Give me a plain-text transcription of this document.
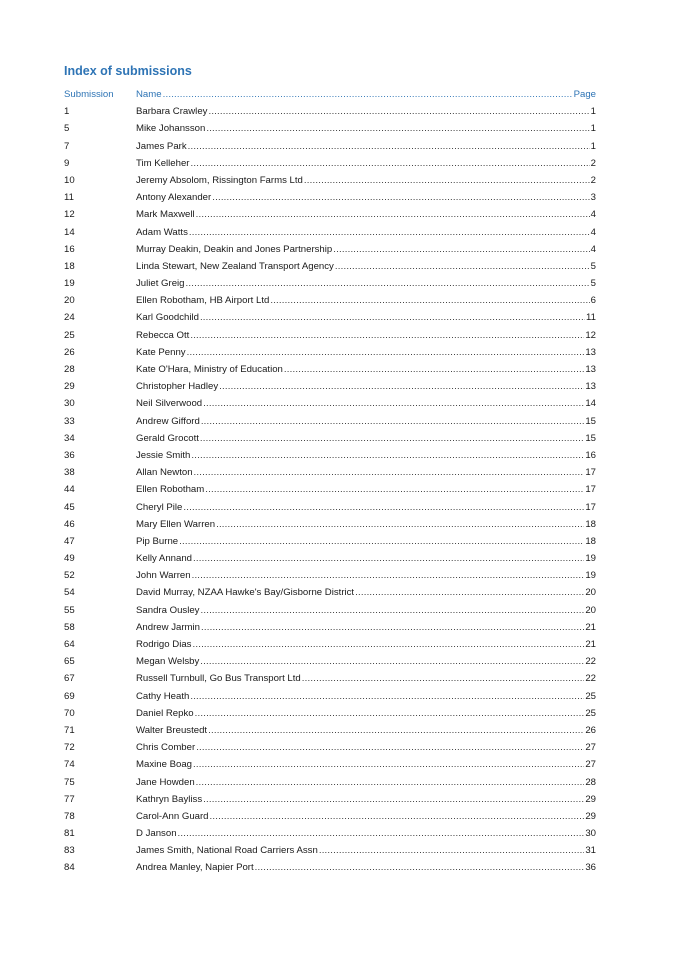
Index of submissions
Submission	Name .....	Page
1	Barbara Crawley .....	1
5	Mike Johansson .....	1
7	James Park .....	1
9	Tim Kelleher .....	2
10	Jeremy Absolom, Rissington Farms Ltd .....	2
11	Antony Alexander .....	3
12	Mark Maxwell .....	4
14	Adam Watts .....	4
16	Murray Deakin, Deakin and Jones Partnership .....	4
18	Linda Stewart, New Zealand Transport Agency .....	5
19	Juliet Greig .....	5
20	Ellen Robotham, HB Airport Ltd .....	6
24	Karl Goodchild .....	11
25	Rebecca Ott .....	12
26	Kate Penny .....	13
28	Kate O'Hara, Ministry of Education .....	13
29	Christopher Hadley .....	13
30	Neil Silverwood .....	14
33	Andrew Gifford .....	15
34	Gerald Grocott .....	15
36	Jessie Smith .....	16
38	Allan Newton .....	17
44	Ellen Robotham .....	17
45	Cheryl Pile .....	17
46	Mary Ellen Warren .....	18
47	Pip Burne .....	18
49	Kelly Annand .....	19
52	John Warren .....	19
54	David Murray, NZAA Hawke's Bay/Gisborne District .....	20
55	Sandra Ousley .....	20
58	Andrew Jarmin .....	21
64	Rodrigo Dias .....	21
65	Megan Welsby .....	22
67	Russell Turnbull, Go Bus Transport Ltd .....	22
69	Cathy Heath .....	25
70	Daniel Repko .....	25
71	Walter Breustedt .....	26
72	Chris Comber .....	27
74	Maxine Boag .....	27
75	Jane Howden .....	28
77	Kathryn Bayliss .....	29
78	Carol-Ann Guard .....	29
81	D Janson .....	30
83	James Smith, National Road Carriers Assn .....	31
84	Andrea Manley, Napier Port .....	36
